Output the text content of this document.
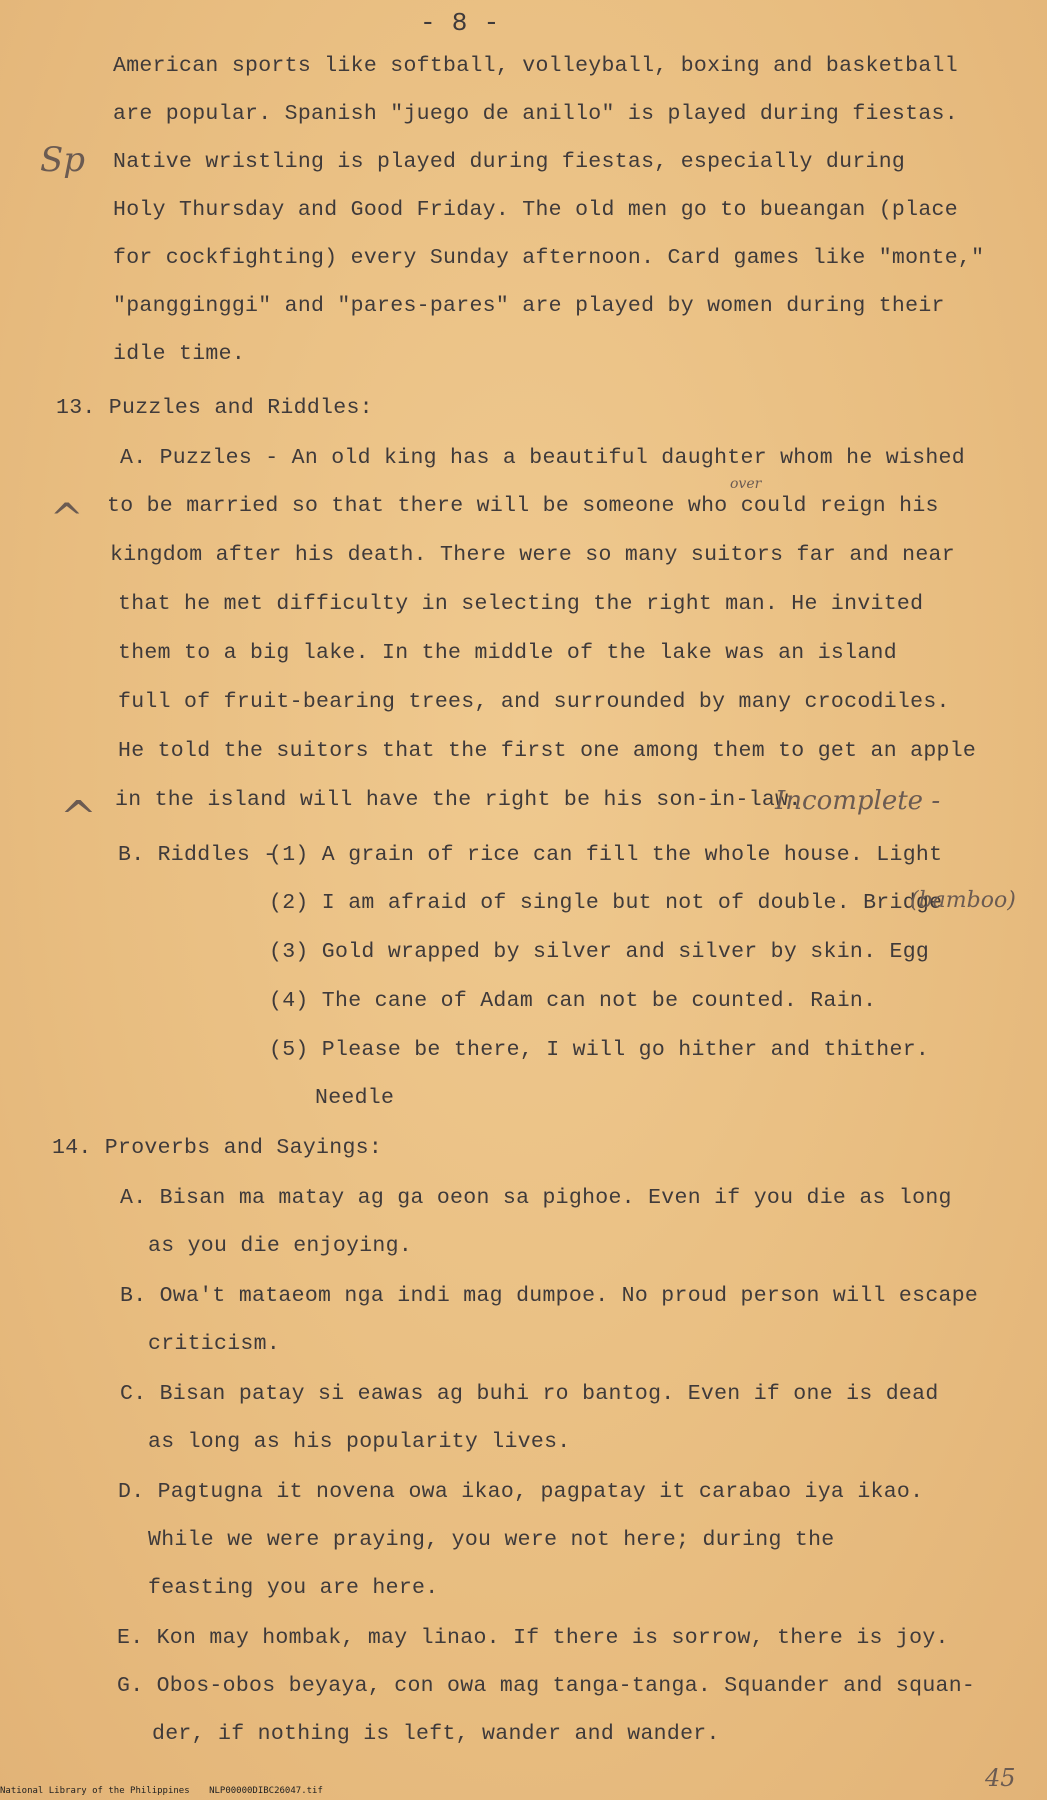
- 8 -
American sports like softball, volleyball, boxing and basketball
are popular. Spanish "juego de anillo" is played during fiestas.
Native wristling is played during fiestas, especially during
Holy Thursday and Good Friday. The old men go to bueangan (place
for cockfighting) every Sunday afternoon. Card games like "monte,"
"pangginggi" and "pares-pares" are played by women during their
idle time.
13. Puzzles and Riddles:
A. Puzzles - An old king has a beautiful daughter whom he wished
to be married so that there will be someone who could reign his
kingdom after his death. There were so many suitors far and near
that he met difficulty in selecting the right man. He invited
them to a big lake. In the middle of the lake was an island
full of fruit-bearing trees, and surrounded by many crocodiles.
He told the suitors that the first one among them to get an apple
in the island will have the right be his son-in-law.
B. Riddles -
(1) A grain of rice can fill the whole house. Light
(2) I am afraid of single but not of double. Bridge
(3) Gold wrapped by silver and silver by skin. Egg
(4) The cane of Adam can not be counted. Rain.
(5) Please be there, I will go hither and thither.
Needle
14. Proverbs and Sayings:
A. Bisan ma matay ag ga oeon sa pighoe. Even if you die as long
as you die enjoying.
B. Owa't mataeom nga indi mag dumpoe. No proud person will escape
criticism.
C. Bisan patay si eawas ag buhi ro bantog. Even if one is dead
as long as his popularity lives.
D. Pagtugna it novena owa ikao, pagpatay it carabao iya ikao.
While we were praying, you were not here; during the
feasting you are here.
E. Kon may hombak, may linao. If there is sorrow, there is joy.
G. Obos-obos beyaya, con owa mag tanga-tanga. Squander and squan-
der, if nothing is left, wander and wander.
Sp
^
^
over
Incomplete -
(bamboo)
45
National Library of the Philippines NLP00000DIBC26047.tif
